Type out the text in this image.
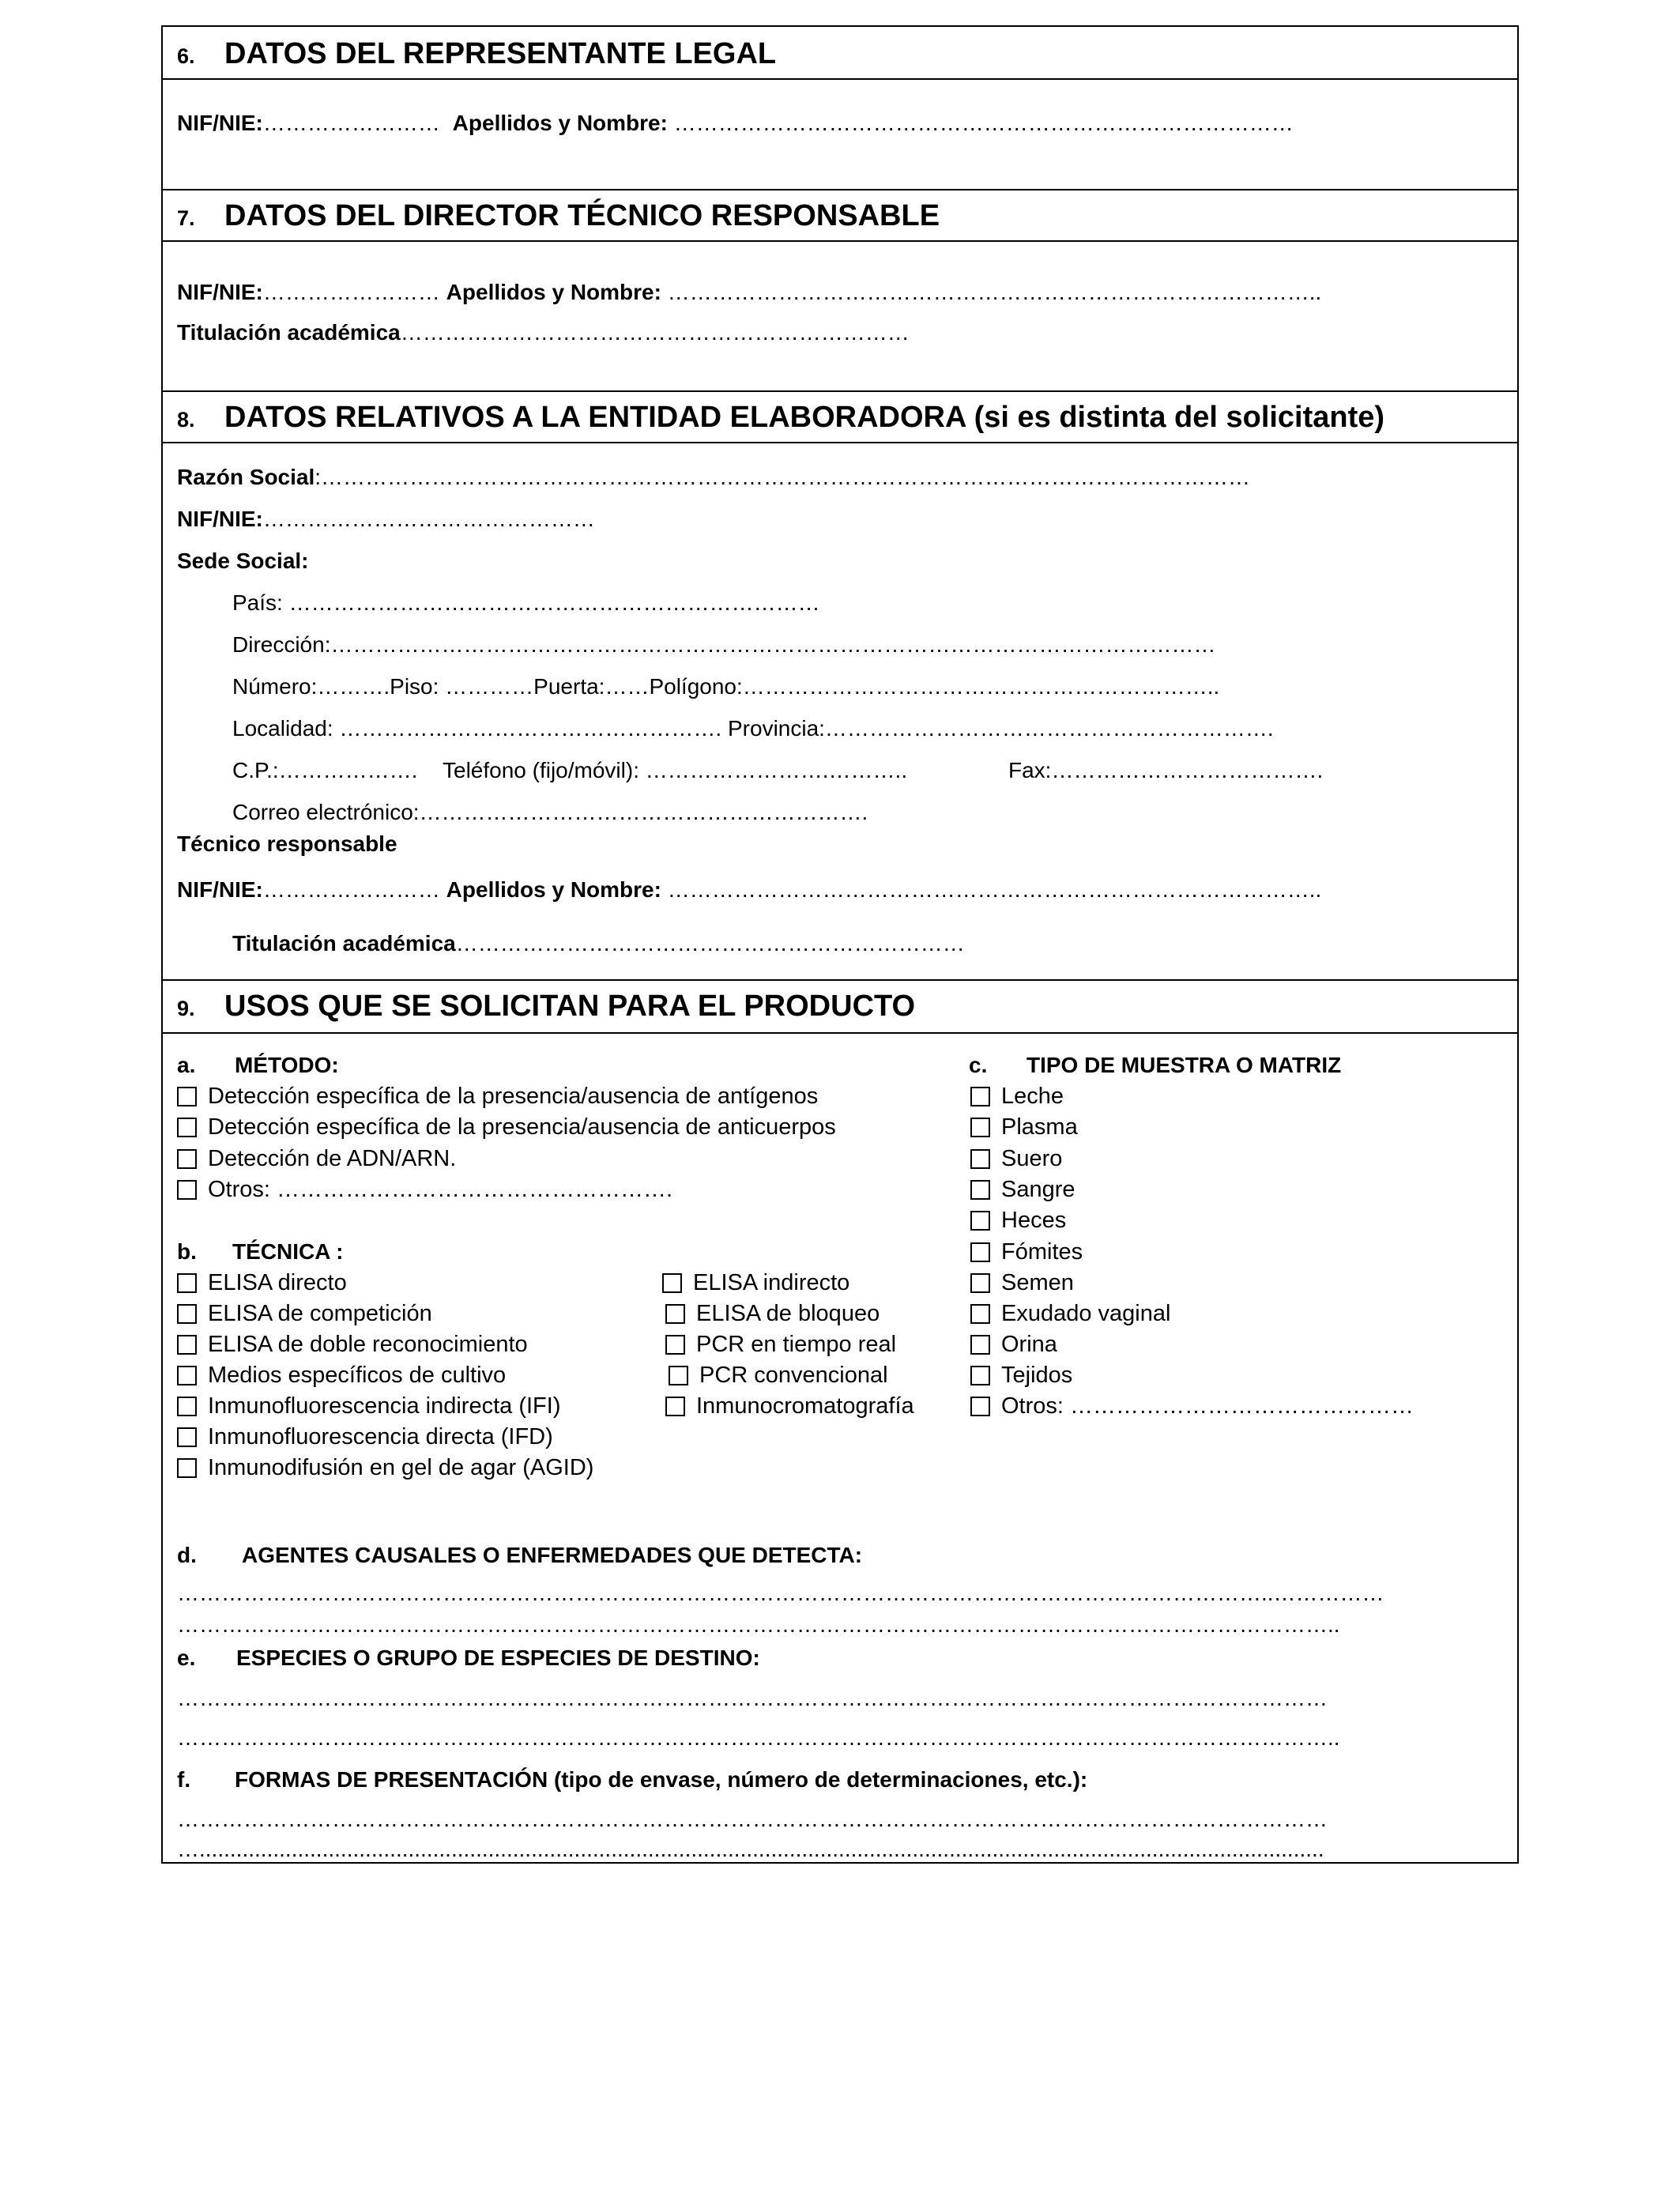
6. DATOS DEL REPRESENTANTE LEGAL
NIF/NIE:…………………… Apellidos y Nombre: …………………………………………………………………………
7. DATOS DEL DIRECTOR TÉCNICO RESPONSABLE
NIF/NIE:…………………… Apellidos y Nombre: ……………………………………………………………………………..
Titulación académica……………………………………………………………
8. DATOS RELATIVOS A LA ENTIDAD ELABORADORA (si es distinta del solicitante)
Razón Social:………………………………………………………………………………………………………………
NIF/NIE:………………………………………
Sede Social:
País: ………………………………………………………………
Dirección:…………………………………………………………………………………………………………
Número:……….Piso: …………Puerta:……Polígono:………………………………………………………..
Localidad: ……………………………………………. Provincia:…………………………………………………….
C.P.:………………. Teléfono (fijo/móvil): …………………….………..	Fax:……………………………….
Correo electrónico:…………………………………………………….
Técnico responsable
NIF/NIE:…………………… Apellidos y Nombre: ……………………………………………………………………………..
Titulación académica……………………………………………………………
9. USOS QUE SE SOLICITAN PARA EL PRODUCTO
a. MÉTODO:
Detección específica de la presencia/ausencia de antígenos
Detección específica de la presencia/ausencia de anticuerpos
Detección de ADN/ARN.
Otros: …………………………………………….
b. TÉCNICA :
ELISA directo
ELISA de competición
ELISA de doble reconocimiento
Medios específicos de cultivo
Inmunofluorescencia indirecta (IFI)
Inmunofluorescencia directa (IFD)
Inmunodifusión en gel de agar (AGID)
ELISA indirecto
ELISA de bloqueo
PCR en tiempo real
PCR convencional
Inmunocromatografía
c. TIPO DE MUESTRA O MATRIZ
Leche
Plasma
Suero
Sangre
Heces
Fómites
Semen
Exudado vaginal
Orina
Tejidos
Otros: ………………………………………
d. AGENTES CAUSALES O ENFERMEDADES QUE DETECTA:
…………………………………………………………………………………………………………………………………..……………
…………………………………………………………………………………………………………………………………………..
e. ESPECIES O GRUPO DE ESPECIES DE DESTINO:
…………………………………………………………………………………………………………………………………………
…………………………………………………………………………………………………………………………………………..
f. FORMAS DE PRESENTACIÓN (tipo de envase, número de determinaciones, etc.):
…………………………………………………………………………………………………………………………………………
….......................................................................................................................................................................................
